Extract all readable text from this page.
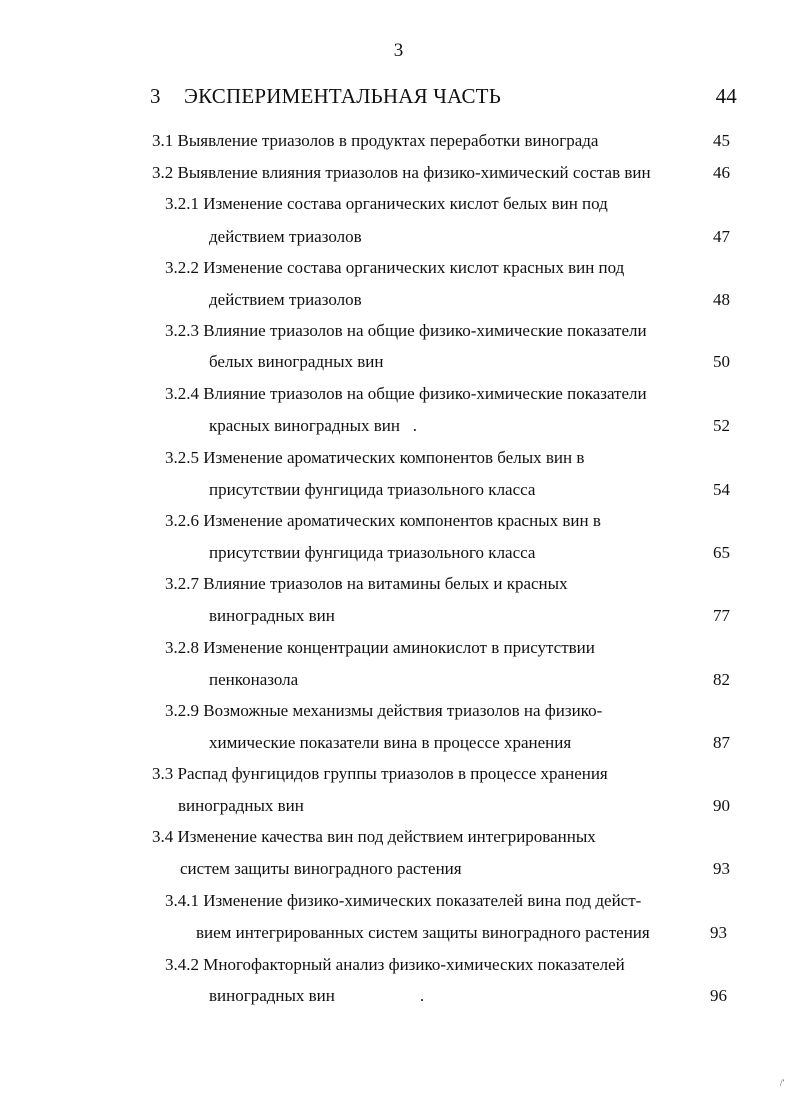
3
3 ЭКСПЕРИМЕНТАЛЬНАЯ ЧАСТЬ	44
3.1 Выявление триазолов в продуктах переработки винограда	45
3.2 Выявление влияния триазолов на физико-химический состав вин	46
3.2.1 Изменение состава органических кислот белых вин под
действием триазолов	47
3.2.2 Изменение состава органических кислот красных вин под
действием триазолов	48
3.2.3 Влияние триазолов на общие физико-химические показатели
белых виноградных вин	50
3.2.4 Влияние триазолов на общие физико-химические показатели
красных виноградных вин   .	52
3.2.5 Изменение ароматических компонентов белых вин в
присутствии фунгицида триазольного класса	54
3.2.6 Изменение ароматических компонентов красных вин в
присутствии фунгицида триазольного класса	65
3.2.7 Влияние триазолов на витамины белых и красных
виноградных вин	77
3.2.8 Изменение концентрации аминокислот в присутствии
пенконазола	82
3.2.9 Возможные механизмы действия триазолов на физико-
химические показатели вина в процессе хранения	87
3.3 Распад фунгицидов группы триазолов в процессе хранения
виноградных вин	90
3.4 Изменение качества вин под действием интегрированных
систем защиты виноградного растения	93
3.4.1 Изменение физико-химических показателей вина под дейст-
вием интегрированных систем защиты виноградного растения	93
3.4.2 Многофакторный анализ физико-химических показателей
виноградных вин                    .	96
/'
